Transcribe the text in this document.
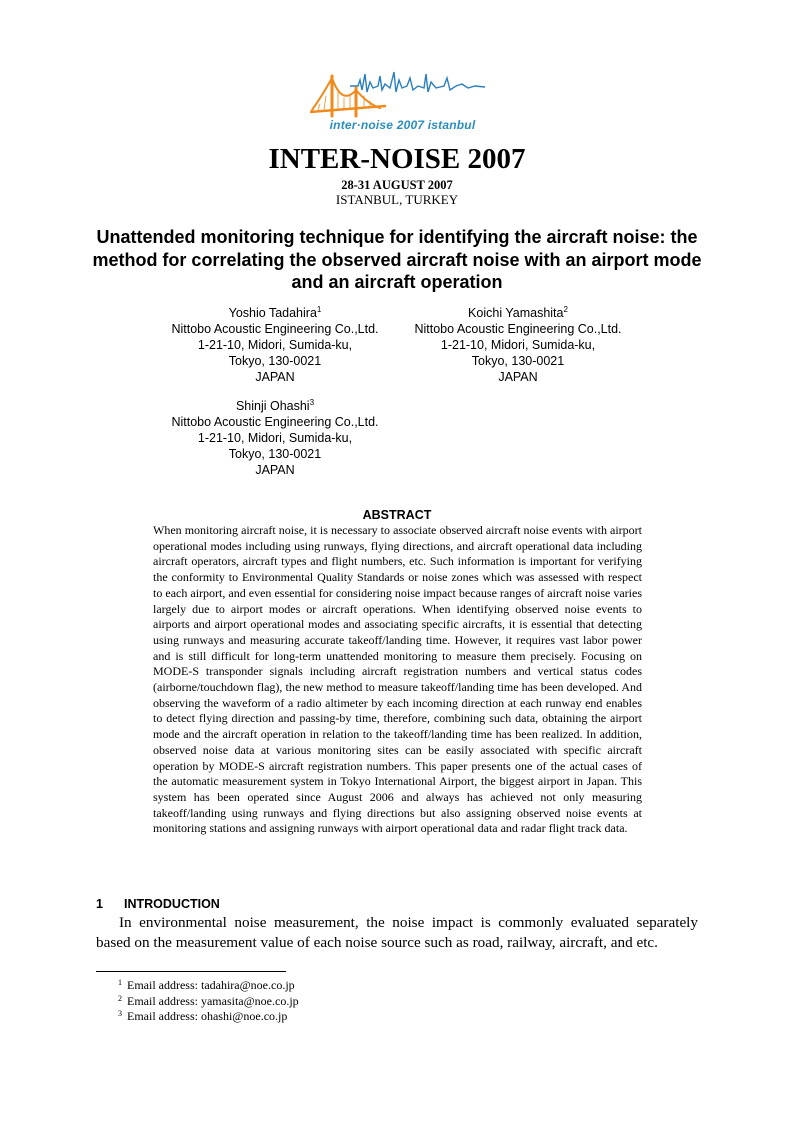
inter·noise 2007 istanbul
INTER-NOISE 2007
28-31 AUGUST 2007
ISTANBUL, TURKEY
Unattended monitoring technique for identifying the aircraft noise: the method for correlating the observed aircraft noise with an airport mode and an aircraft operation
Yoshio Tadahira$^1$
Nittobo Acoustic Engineering Co.,Ltd.
1-21-10, Midori, Sumida-ku,
Tokyo, 130-0021
JAPAN
Koichi Yamashita$^2$
Nittobo Acoustic Engineering Co.,Ltd.
1-21-10, Midori, Sumida-ku,
Tokyo, 130-0021
JAPAN
Shinji Ohashi$^3$
Nittobo Acoustic Engineering Co.,Ltd.
1-21-10, Midori, Sumida-ku,
Tokyo, 130-0021
JAPAN
ABSTRACT

When monitoring aircraft noise, it is necessary to associate observed aircraft noise events with airport operational modes including using runways, flying directions, and aircraft operational data including aircraft operators, aircraft types and flight numbers, etc. Such information is important for verifying the conformity to Environmental Quality Standards or noise zones which was assessed with respect to each airport, and even essential for considering noise impact because ranges of aircraft noise varies largely due to airport modes or aircraft operations. When identifying observed noise events to airports and airport operational modes and associating specific aircrafts, it is essential that detecting using runways and measuring accurate takeoff/landing time. However, it requires vast labor power and is still difficult for long-term unattended monitoring to measure them precisely. Focusing on MODE-S transponder signals including aircraft registration numbers and vertical status codes (airborne/touchdown flag), the new method to measure takeoff/landing time has been developed. And observing the waveform of a radio altimeter by each incoming direction at each runway end enables to detect flying direction and passing-by time, therefore, combining such data, obtaining the airport mode and the aircraft operation in relation to the takeoff/landing time has been realized. In addition, observed noise data at various monitoring sites can be easily associated with specific aircraft operation by MODE-S aircraft registration numbers. This paper presents one of the actual cases of the automatic measurement system in Tokyo International Airport, the biggest airport in Japan. This system has been operated since August 2006 and always has achieved not only measuring takeoff/landing using runways and flying directions but also assigning observed noise events at monitoring stations and assigning runways with airport operational data and radar flight track data.

1 INTRODUCTION

In environmental noise measurement, the noise impact is commonly evaluated separately based on the measurement value of each noise source such as road, railway, aircraft, and etc.

$^1$ Email address: tadahira@noe.co.jp
$^2$ Email address: yamasita@noe.co.jp
$^3$ Email address: ohashi@noe.co.jp
